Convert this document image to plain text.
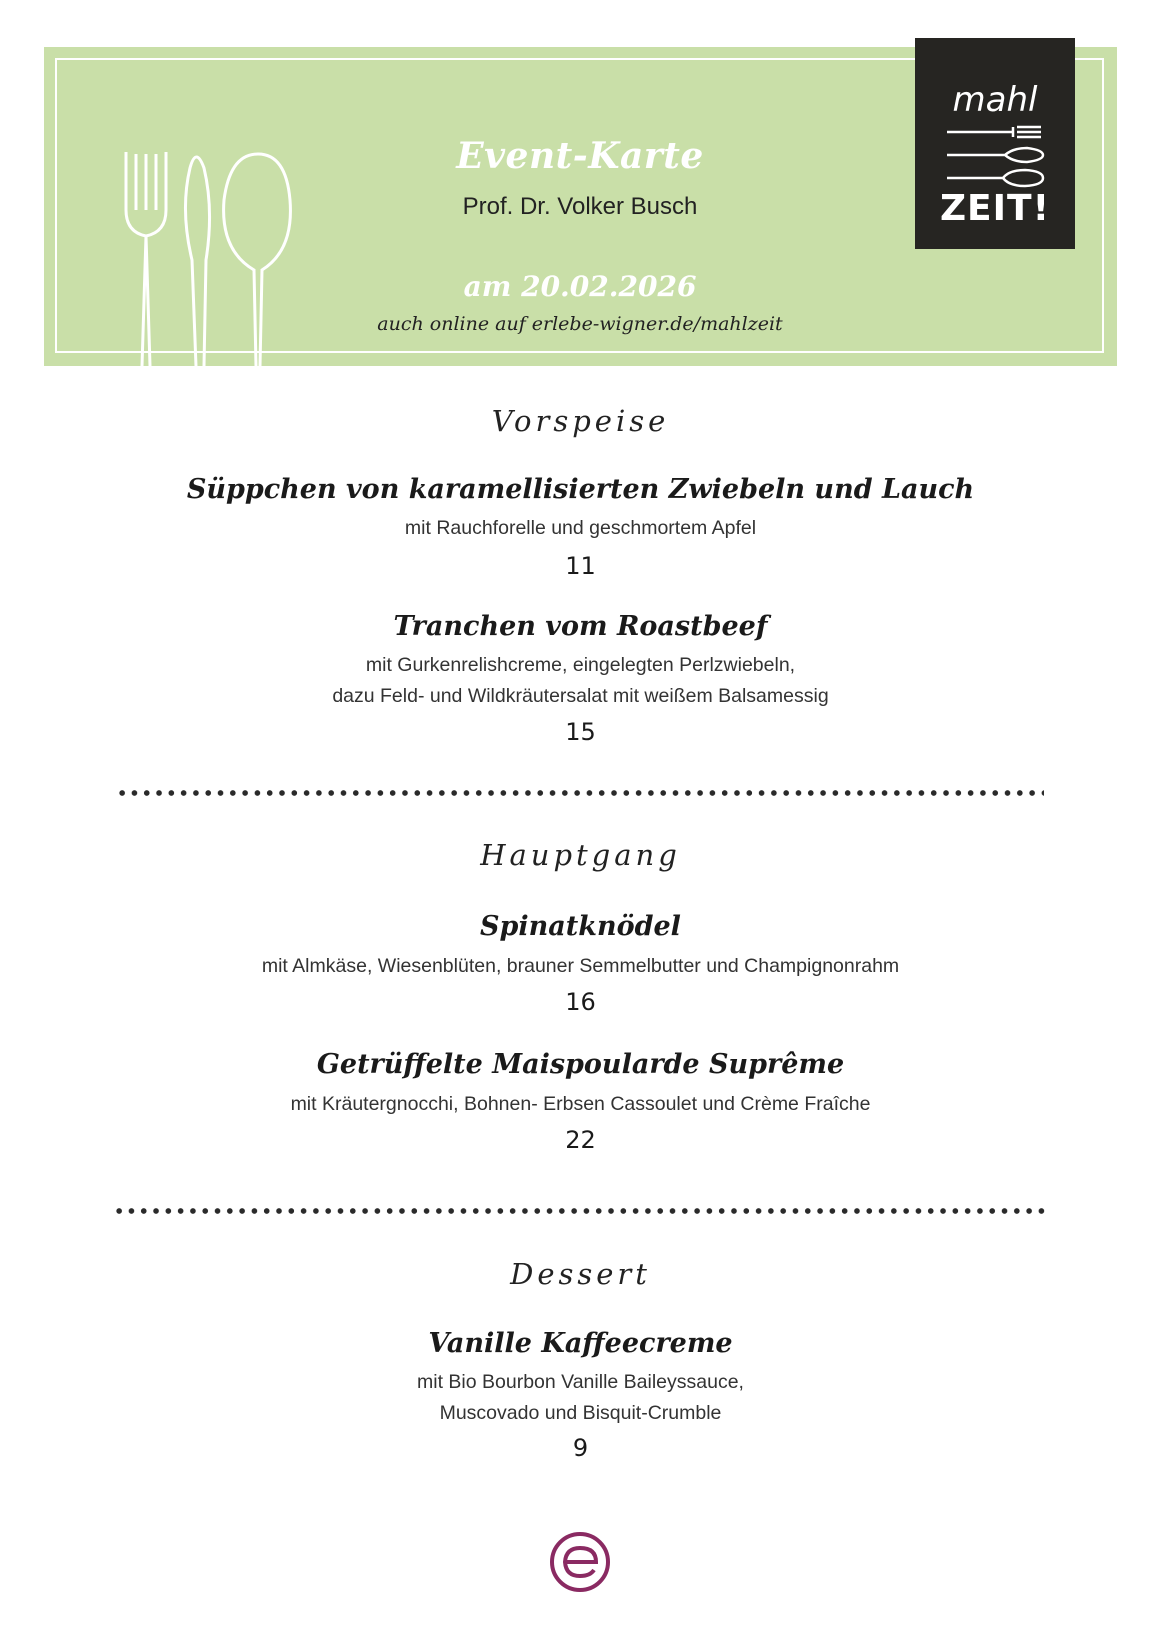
Event-Karte
Prof. Dr. Volker Busch
am 20.02.2026
auch online auf erlebe-wigner.de/mahlzeit
mahl
ZEIT!
Vorspeise
Süppchen von karamellisierten Zwiebeln und Lauch
mit Rauchforelle und geschmortem Apfel
11
Tranchen vom Roastbeef
mit Gurkenrelishcreme, eingelegten Perlzwiebeln,
dazu Feld- und Wildkräutersalat mit weißem Balsamessig
15
Hauptgang
Spinatknödel
mit Almkäse, Wiesenblüten, brauner Semmelbutter und Champignonrahm
16
Getrüffelte Maispoularde Suprême
mit Kräutergnocchi, Bohnen- Erbsen Cassoulet und Crème Fraîche
22
Dessert
Vanille Kaffeecreme
mit Bio Bourbon Vanille Baileyssauce,
Muscovado und Bisquit-Crumble
9
